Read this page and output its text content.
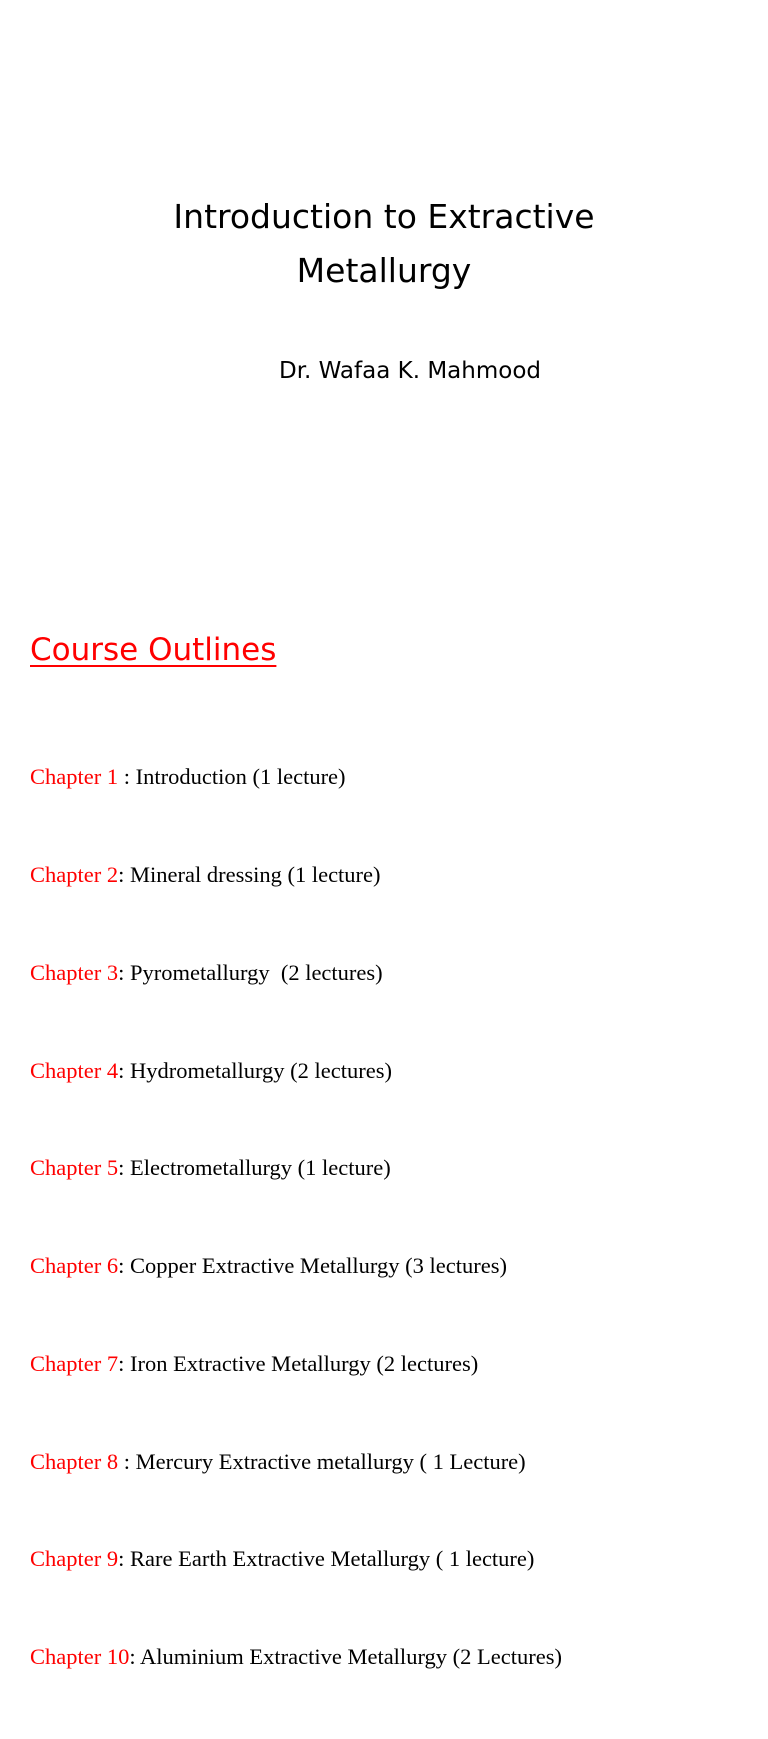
Introduction to Extractive
Metallurgy
Dr. Wafaa K. Mahmood
Course Outlines

Chapter 1 : Introduction (1 lecture)

Chapter 2: Mineral dressing (1 lecture)

Chapter 3: Pyrometallurgy  (2 lectures)

Chapter 4: Hydrometallurgy (2 lectures)

Chapter 5: Electrometallurgy (1 lecture)

Chapter 6: Copper Extractive Metallurgy (3 lectures)

Chapter 7: Iron Extractive Metallurgy (2 lectures)

Chapter 8 : Mercury Extractive metallurgy ( 1 Lecture)

Chapter 9: Rare Earth Extractive Metallurgy ( 1 lecture)

Chapter 10: Aluminium Extractive Metallurgy (2 Lectures)
